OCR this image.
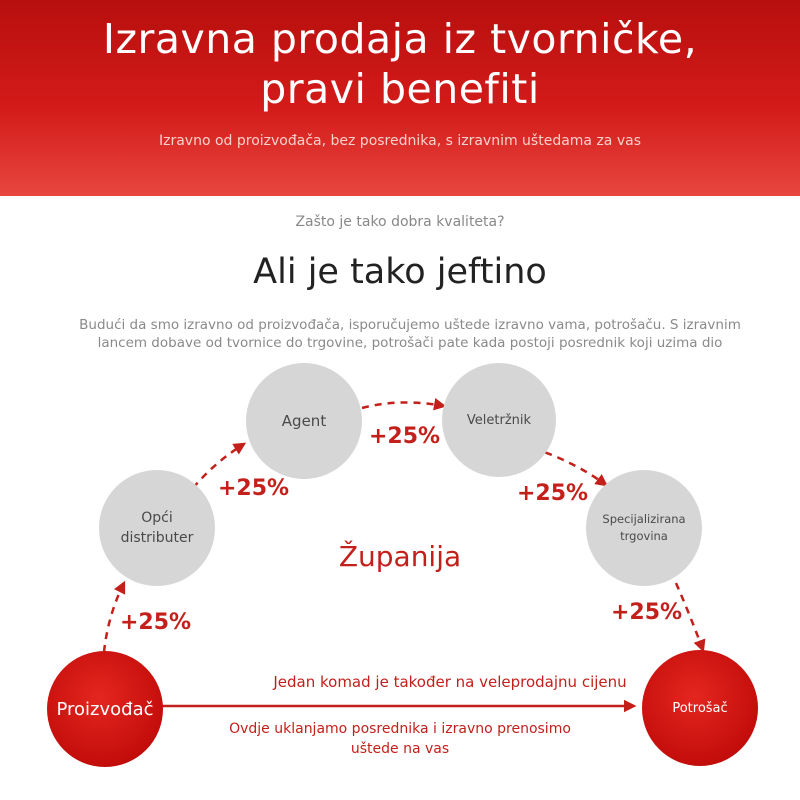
Izravna prodaja iz tvorničke,
pravi benefiti
Izravno od proizvođača, bez posrednika, s izravnim uštedama za vas
Zašto je tako dobra kvaliteta?
Ali je tako jeftino
Budući da smo izravno od proizvođača, isporučujemo uštede izravno vama, potrošaču. S izravnim
lancem dobave od tvornice do trgovine, potrošači pate kada postoji posrednik koji uzima dio
Opći distributer
Agent	Veletržnik
Specijalizirana trgovina
Proizvođač	Potrošač
+25%
+25%
+25%
+25%
+25%
Županija
Jedan komad je također na veleprodajnu cijenu
Ovdje uklanjamo posrednika i izravno prenosimo
uštede na vas
